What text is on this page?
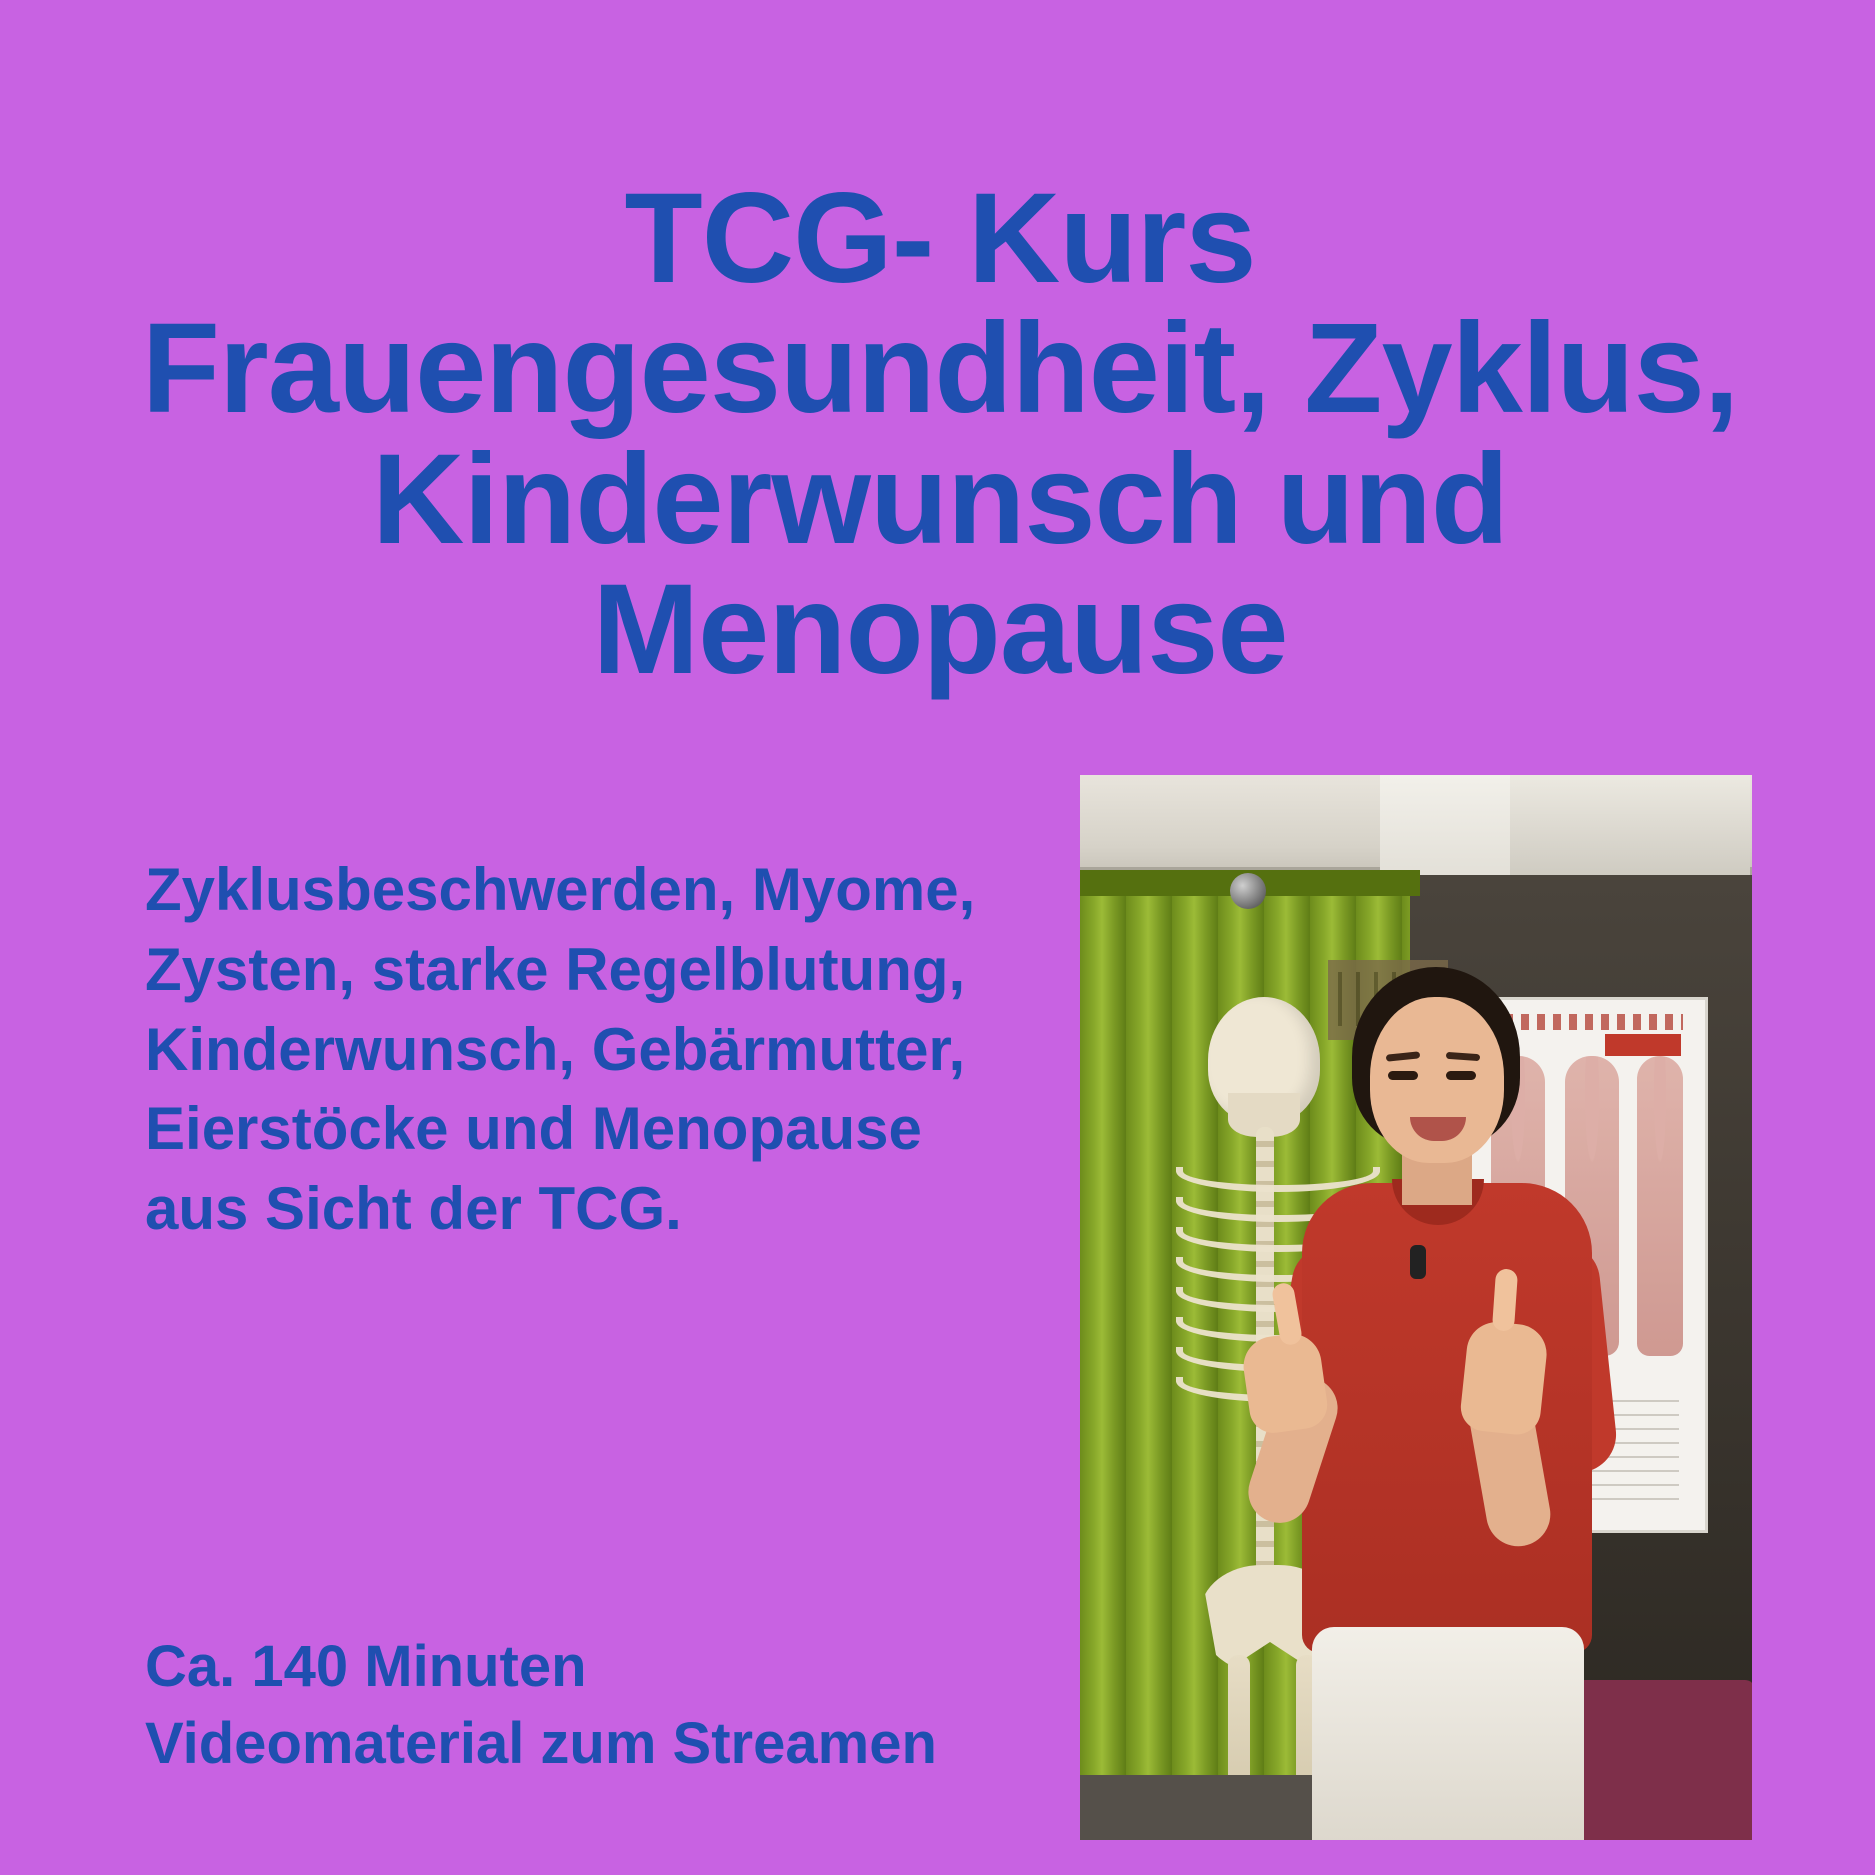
TCG- Kurs Frauengesundheit, Zyklus, Kinderwunsch und Menopause

Zyklusbeschwerden, Myome, Zysten, starke Regelblutung, Kinderwunsch, Gebärmutter, Eierstöcke und Menopause aus Sicht der TCG.

Ca. 140 Minuten Videomaterial zum Streamen
